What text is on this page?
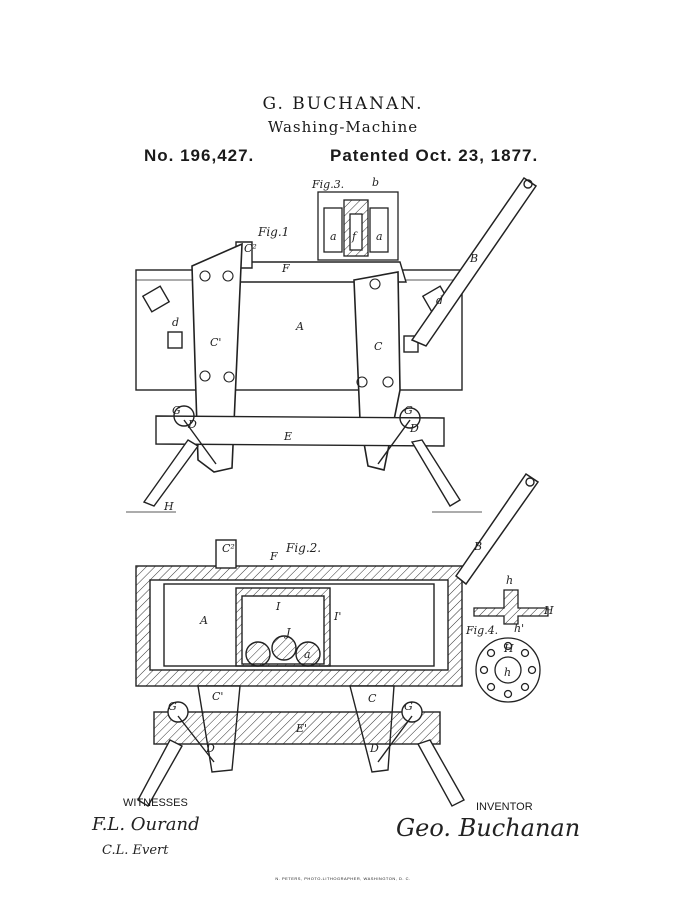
Fig.1
Fig.2.
Fig.3.
Fig.4.
A
A
B
B
C
C
C'
C'
C²
C²
E
E'
F
F
I
I'
d
d
G	G
G	G
D	D
D	D
H
H
H
h
h
h'
a	a
a
b
f
J
F.L. Ourand
C.L. Evert
Geo. Buchanan
G. BUCHANAN.
Washing-Machine
No. 196,427.	Patented Oct. 23, 1877.
WITNESSES	INVENTOR
N. PETERS, PHOTO-LITHOGRAPHER, WASHINGTON, D. C.
